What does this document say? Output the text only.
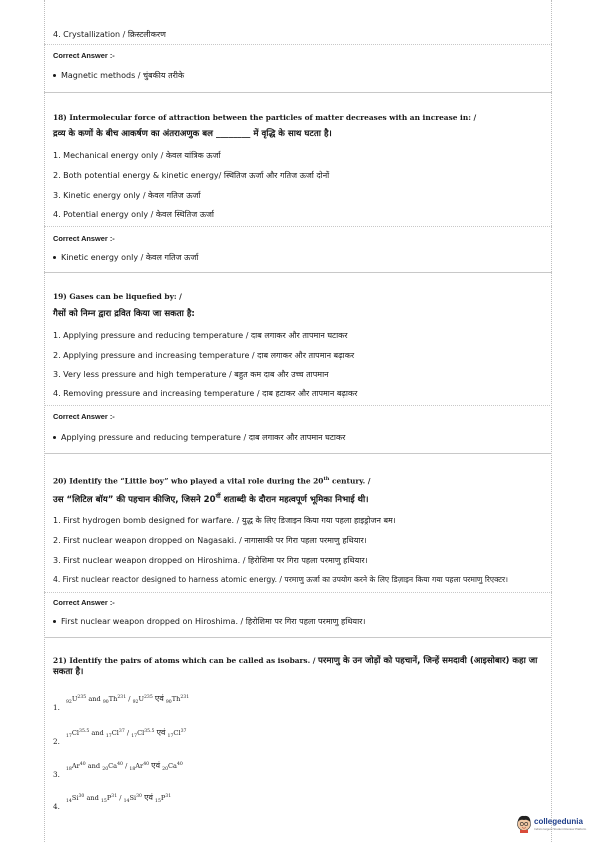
4. Crystallization / क्रिस्टलीकरण
Correct Answer :-
Magnetic methods / चुंबकीय तरीके
18) Intermolecular force of attraction between the particles of matter decreases with an increase in: /
द्रव्य के कणों के बीच आकर्षण का अंतराअणुक बल ________ में वृद्धि के साथ घटता है।
1. Mechanical energy only / केवल यांत्रिक ऊर्जा
2. Both potential energy & kinetic energy/ स्थितिज ऊर्जा और गतिज ऊर्जा दोनों
3. Kinetic energy only / केवल गतिज ऊर्जा
4. Potential energy only / केवल स्थितिज ऊर्जा
Correct Answer :-
Kinetic energy only / केवल गतिज ऊर्जा
19) Gases can be liquefied by: /
गैसों को निम्न द्वारा द्रवित किया जा सकता है:
1. Applying pressure and reducing temperature / दाब लगाकर और तापमान घटाकर
2. Applying pressure and increasing temperature / दाब लगाकर और तापमान बढ़ाकर
3. Very less pressure and high temperature / बहुत कम दाब और उच्च तापमान
4. Removing pressure and increasing temperature / दाब हटाकर और तापमान बढ़ाकर
Correct Answer :-
Applying pressure and reducing temperature / दाब लगाकर और तापमान घटाकर
20) Identify the “Little boy” who played a vital role during the 20th century. /
उस “लिटिल बॉय” की पहचान कीजिए, जिसने $20^{वीं}$ शताब्दी के दौरान महत्वपूर्ण भूमिका निभाई थी।
1. First hydrogen bomb designed for warfare. / युद्ध के लिए डिजाइन किया गया पहला हाइड्रोजन बम।
2. First nuclear weapon dropped on Nagasaki. / नागासाकी पर गिरा पहला परमाणु हथियार।
3. First nuclear weapon dropped on Hiroshima. / हिरोशिमा पर गिरा पहला परमाणु हथियार।
4. First nuclear reactor designed to harness atomic energy. / परमाणु ऊर्जा का उपयोग करने के लिए डिज़ाइन किया गया पहला परमाणु रिएक्टर।
Correct Answer :-
First nuclear weapon dropped on Hiroshima. / हिरोशिमा पर गिरा पहला परमाणु हथियार।
21) Identify the pairs of atoms which can be called as isobars. / परमाणु के उन जोड़ों को पहचानें, जिन्हें समदावी (आइसोबार) कहा जा
सकता है।
$_{92}U^{235}$ and $_{90}Th^{231} / _{92}U^{235}$ एवं $_{90}Th^{231}$
1.
$_{17}Cl^{35.5}$ and $_{17}Cl^{37} / _{17}Cl^{35.5}$ एवं $_{17}Cl^{37}$
2.
$_{18}Ar^{40}$ and $_{20}Ca^{40} / _{18}Ar^{40}$ एवं $_{20}Ca^{40}$
3.
$_{14}Si^{30}$ and $_{15}P^{31} / _{14}Si^{30}$ एवं $_{15}P^{31}$
4.
collegedunia
India's largest Student Review Platform
